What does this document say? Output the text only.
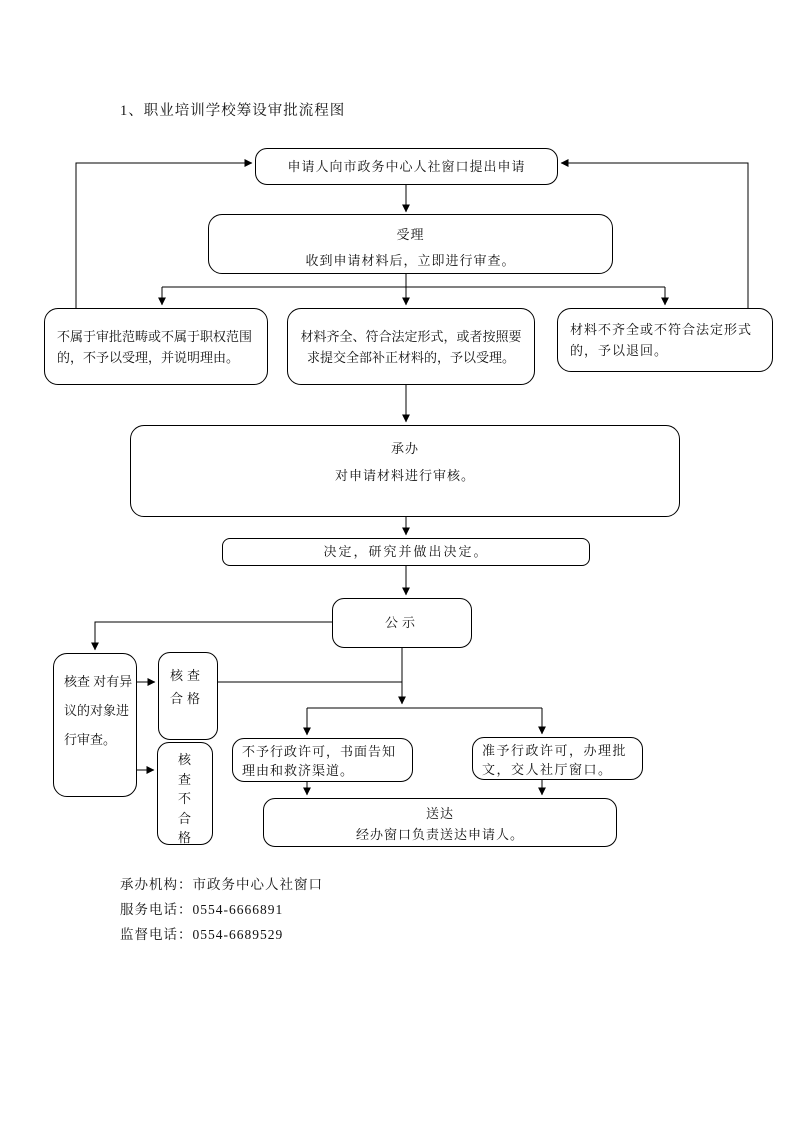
1、职业培训学校筹设审批流程图
申请人向市政务中心人社窗口提出申请
受理
收到申请材料后，立即进行审查。
不属于审批范畴或不属于职权范围的，不予以受理，并说明理由。
材料齐全、符合法定形式，或者按照要求提交全部补正材料的，予以受理。
材料不齐全或不符合法定形式的，予以退回。
承办
对申请材料进行审核。
决定，研究并做出决定。
公示
核查 对有异议的对象进行审查。
核查合格
核查不合格
不予行政许可，书面告知理由和救济渠道。
准予行政许可，办理批文，交人社厅窗口。
送达
经办窗口负责送达申请人。
承办机构：市政务中心人社窗口
服务电话：0554-6666891
监督电话：0554-6689529
